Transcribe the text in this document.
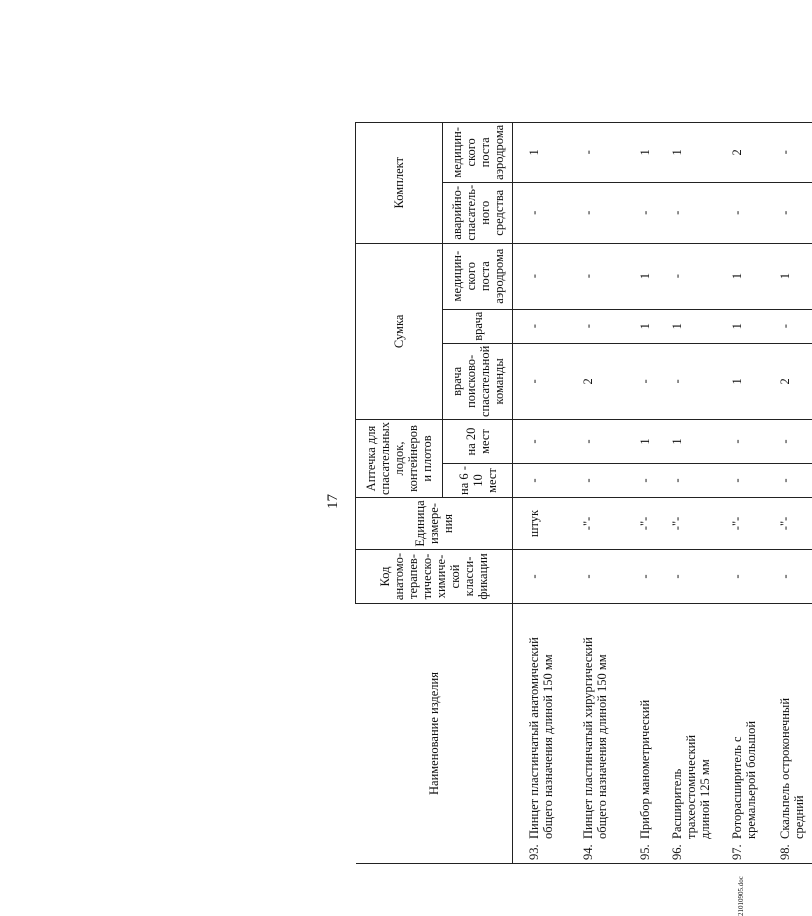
17
Наименование изделия	Код анатомо-терапев-тическо-химиче-ской класси-фикации	Единица измере-ния	Аптечка для спасательных лодок, контейнеров и плотов		Сумка			Комплект	
			на 6 - 10 мест	на 20 мест	врача поисково-спасательной команды	врача	медицин-ского поста аэродрома	аварийно-спасатель-ного средства	медицин-ского поста аэродрома
93.Пинцет пластинчатый анатомический общего назначения длиной 150 мм	-	штук	-	-	-	-	-	-	1
94.Пинцет пластинчатый хирургический общего назначения длиной 150 мм	-	-"-	-	-	2	-	-	-	-
95.Прибор манометрический	-	-"-	-	1	-	1	1	-	1
96.Расширитель трахеостомический длиной 125 мм	-	-"-	-	1	-	1	-	-	1
97.Роторасширитель с кремальерой большой	-	-"-	-	-	1	1	1	-	2
98.Скальпель остроконечный средний	-	-"-	-	-	2	-	1	-	-
21010905.doc
